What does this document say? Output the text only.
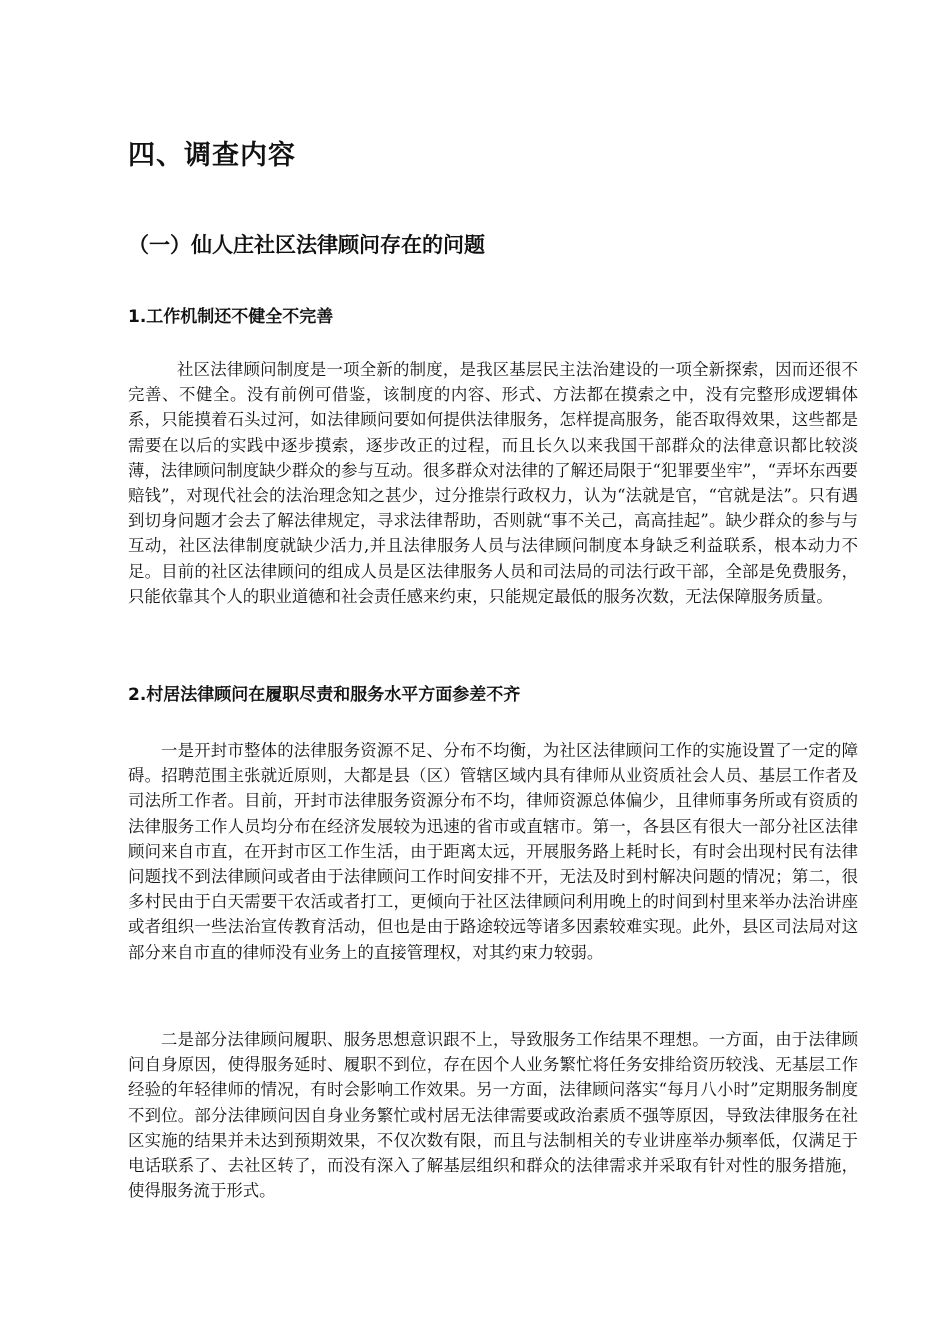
四、调查内容
（一）仙人庄社区法律顾问存在的问题
1.工作机制还不健全不完善

社区法律顾问制度是一项全新的制度，是我区基层民主法治建设的一项全新探索，因而还很不完善、不健全。没有前例可借鉴，该制度的内容、形式、方法都在摸索之中，没有完整形成逻辑体系，只能摸着石头过河，如法律顾问要如何提供法律服务，怎样提高服务，能否取得效果，这些都是需要在以后的实践中逐步摸索，逐步改正的过程，而且长久以来我国干部群众的法律意识都比较淡薄，法律顾问制度缺少群众的参与互动。很多群众对法律的了解还局限于“犯罪要坐牢”，“弄坏东西要赔钱”，对现代社会的法治理念知之甚少，过分推崇行政权力，认为“法就是官，“官就是法”。只有遇到切身问题才会去了解法律规定，寻求法律帮助，否则就“事不关己，高高挂起”。缺少群众的参与与互动，社区法律制度就缺少活力,并且法律服务人员与法律顾问制度本身缺乏利益联系，根本动力不足。目前的社区法律顾问的组成人员是区法律服务人员和司法局的司法行政干部，全部是免费服务，只能依靠其个人的职业道德和社会责任感来约束，只能规定最低的服务次数，无法保障服务质量。

2.村居法律顾问在履职尽责和服务水平方面参差不齐

一是开封市整体的法律服务资源不足、分布不均衡，为社区法律顾问工作的实施设置了一定的障碍。招聘范围主张就近原则，大都是县（区）管辖区域内具有律师从业资质社会人员、基层工作者及司法所工作者。目前，开封市法律服务资源分布不均，律师资源总体偏少，且律师事务所或有资质的法律服务工作人员均分布在经济发展较为迅速的省市或直辖市。第一，各县区有很大一部分社区法律顾问来自市直，在开封市区工作生活，由于距离太远，开展服务路上耗时长，有时会出现村民有法律问题找不到法律顾问或者由于法律顾问工作时间安排不开，无法及时到村解决问题的情况；第二，很多村民由于白天需要干农活或者打工，更倾向于社区法律顾问利用晚上的时间到村里来举办法治讲座或者组织一些法治宣传教育活动，但也是由于路途较远等诸多因素较难实现。此外，县区司法局对这部分来自市直的律师没有业务上的直接管理权，对其约束力较弱。

二是部分法律顾问履职、服务思想意识跟不上，导致服务工作结果不理想。一方面，由于法律顾问自身原因，使得服务延时、履职不到位，存在因个人业务繁忙将任务安排给资历较浅、无基层工作经验的年轻律师的情况，有时会影响工作效果。另一方面，法律顾问落实“每月八小时”定期服务制度不到位。部分法律顾问因自身业务繁忙或村居无法律需要或政治素质不强等原因，导致法律服务在社区实施的结果并未达到预期效果，不仅次数有限，而且与法制相关的专业讲座举办频率低，仅满足于电话联系了、去社区转了，而没有深入了解基层组织和群众的法律需求并采取有针对性的服务措施，使得服务流于形式。
